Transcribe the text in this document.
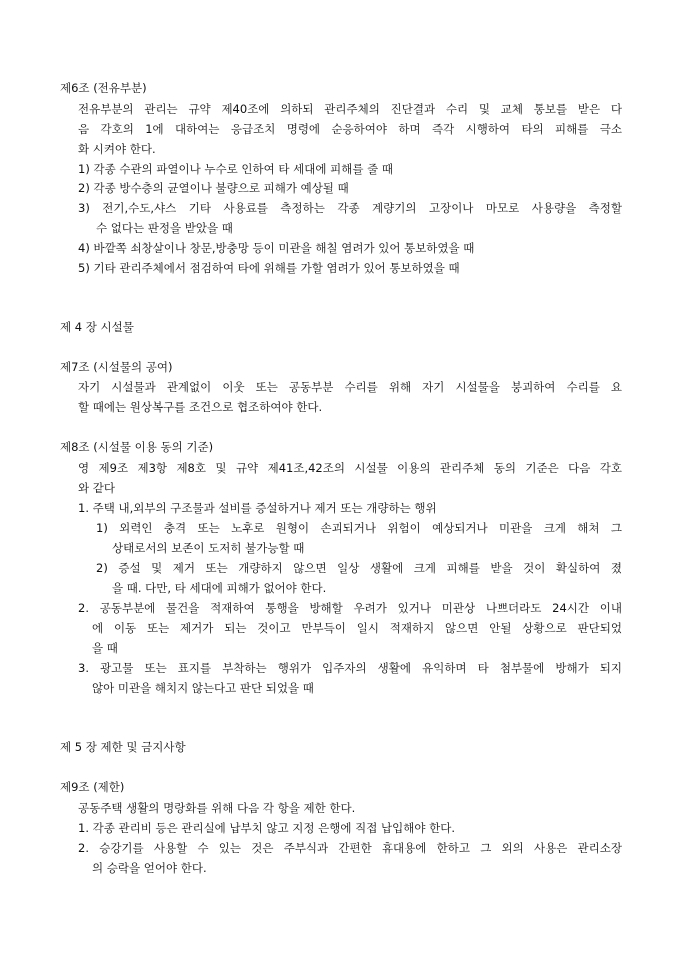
제6조 (전유부분)
전유부분의 관리는 규약 제40조에 의하되 관리주체의 진단결과 수리 및 교체 통보를 받은 다
음 각호의 1에 대하여는 응급조치 명령에 순응하여야 하며 즉각 시행하여 타의 피해를 극소
화 시켜야 한다.
1) 각종 수관의 파열이나 누수로 인하여 타 세대에 피해를 줄 때
2) 각종 방수층의 균열이나 불량으로 피해가 예상될 때
3) 전기,수도,샤스 기타 사용료를 측정하는 각종 계량기의 고장이나 마모로 사용량을 측정할
수 없다는 판정을 받았을 때
4) 바깥쪽 쇠창살이나 창문,방충망 등이 미관을 해칠 염려가 있어 통보하였을 때
5) 기타 관리주체에서 점검하여 타에 위해를 가할 염려가 있어 통보하였을 때
제 4 장 시설물
제7조 (시설물의 공여)
자기 시설물과 관계없이 이웃 또는 공동부분 수리를 위해 자기 시설물을 붕괴하여 수리를 요
할 때에는 원상복구를 조건으로 협조하여야 한다.
제8조 (시설물 이용 동의 기준)
영 제9조 제3항 제8호 및 규약 제41조,42조의 시설물 이용의 관리주체 동의 기준은 다음 각호
와 같다
1. 주택 내,외부의 구조물과 설비를 증설하거나 제거 또는 개량하는 행위
1) 외력인 충격 또는 노후로 원형이 손괴되거나 위험이 예상되거나 미관을 크게 해쳐 그
상태로서의 보존이 도저히 불가능할 때
2) 증설 및 제거 또는 개량하지 않으면 일상 생활에 크게 피해를 받을 것이 확실하여 졌
을 때. 다만, 타 세대에 피해가 없어야 한다.
2. 공동부분에 물건을 적재하여 통행을 방해할 우려가 있거나 미관상 나쁘더라도 24시간 이내
에 이동 또는 제거가 되는 것이고 만부득이 일시 적재하지 않으면 안될 상황으로 판단되었
을 때
3. 광고물 또는 표지를 부착하는 행위가 입주자의 생활에 유익하며 타 첨부물에 방해가 되지
않아 미관을 해치지 않는다고 판단 되었을 때
제 5 장 제한 및 금지사항
제9조 (제한)
공동주택 생활의 명랑화를 위해 다음 각 항을 제한 한다.
1. 각종 관리비 등은 관리실에 납부치 않고 지정 은행에 직접 납입해야 한다.
2. 승강기를 사용할 수 있는 것은 주부식과 간편한 휴대용에 한하고 그 외의 사용은 관리소장
의 승락을 얻어야 한다.
